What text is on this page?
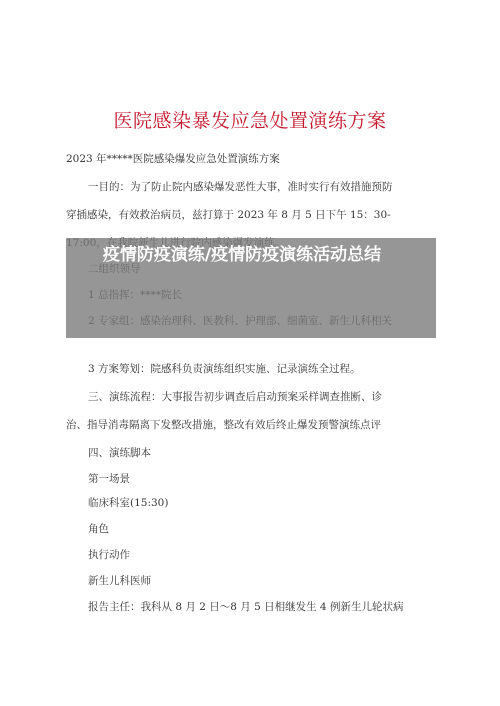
医院感染暴发应急处置演练方案
2023 年*****医院感染爆发应急处置演练方案
一目的：为了防止院内感染爆发恶性大事，准时实行有效措施预防
穿插感染，有效救治病员，兹打算于 2023 年 8 月 5 日下午 15：30-
3 方案筹划：院感科负责演练组织实施、记录演练全过程。
三、演练流程：大事报告初步调查后启动预案采样调查推断、诊
治、指导消毒隔离下发整改措施，整改有效后终止爆发预警演练点评
四、演练脚本
第一场景
临床科室(15:30)
角色
执行动作
新生儿科医师
报告主任：我科从 8 月 2 日～8 月 5 日相继发生 4 例新生儿轮状病
疫情防疫演练/疫情防疫演练活动总结
